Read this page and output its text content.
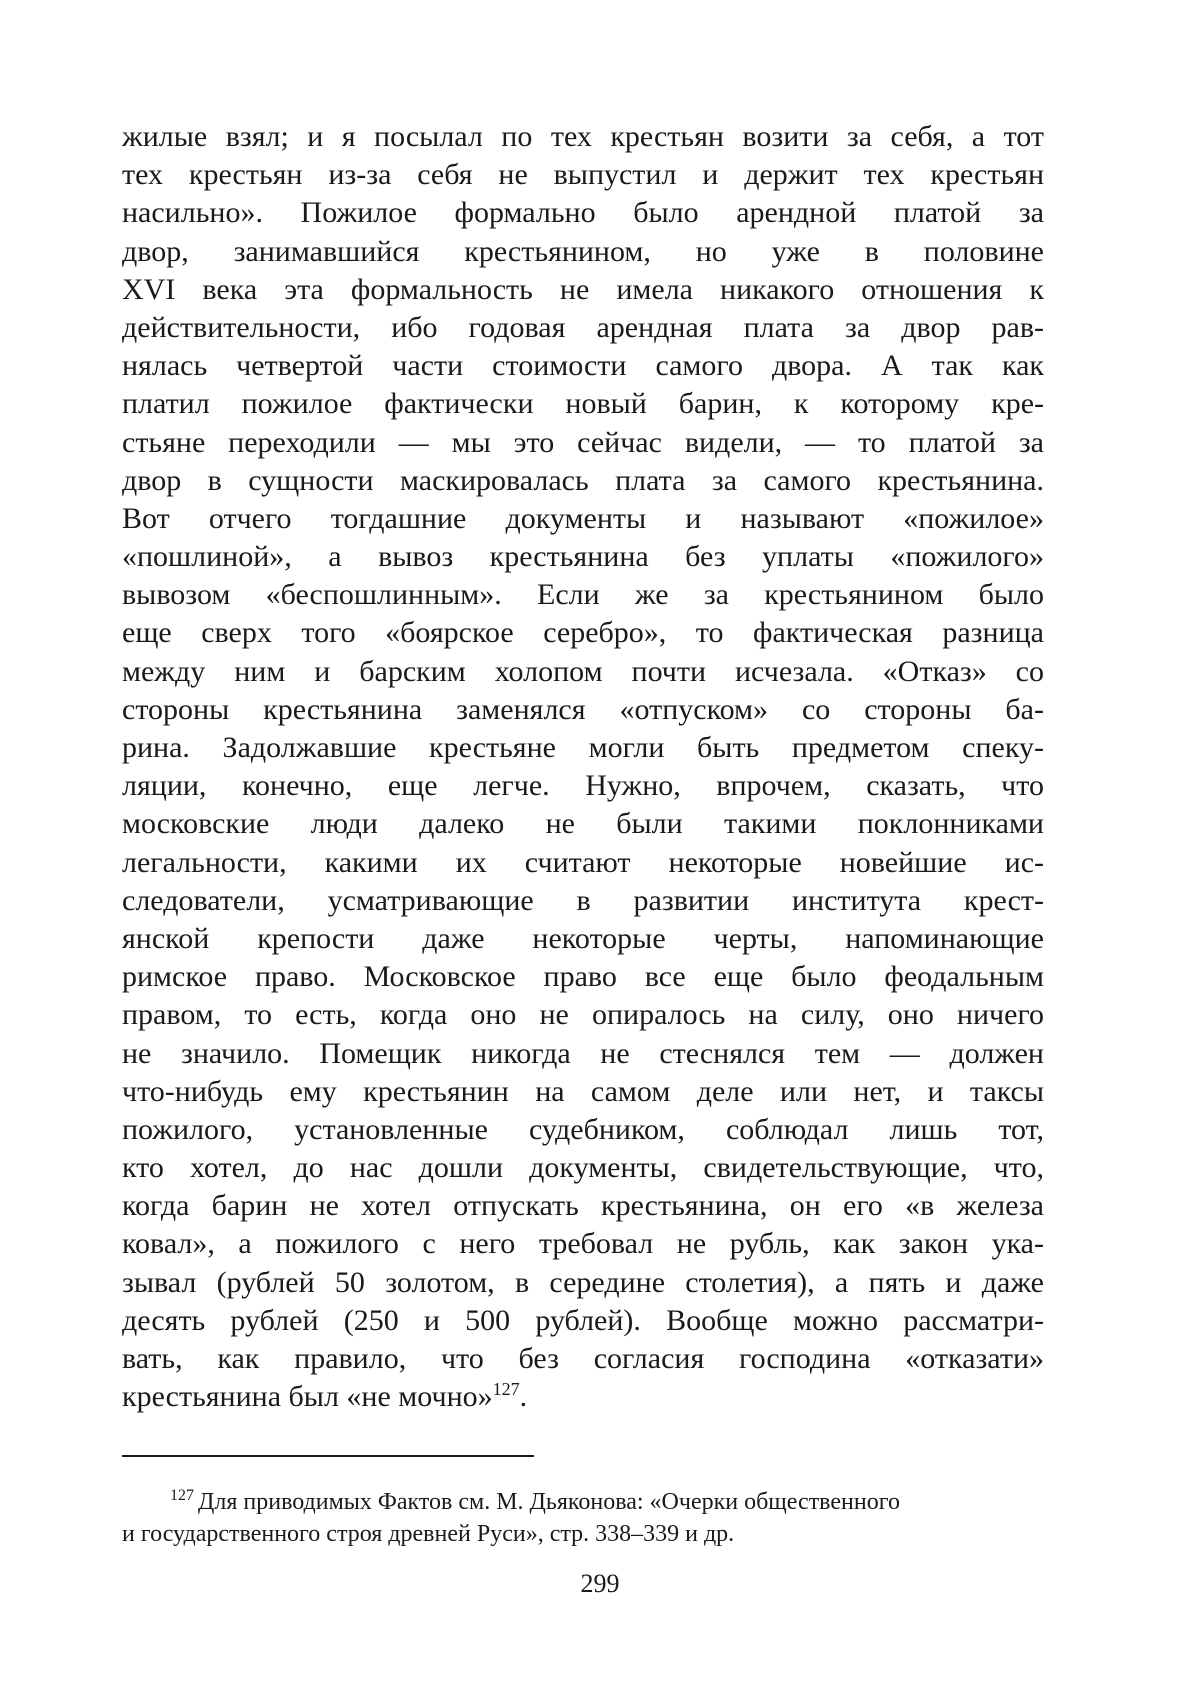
жилые взял; и я посылал по тех крестьян возити за себя, а тот
тех крестьян из-за себя не выпустил и держит тех крестьян
насильно». Пожилое формально было арендной платой за
двор, занимавшийся крестьянином, но уже в половине
XVI века эта формальность не имела никакого отношения к
действительности, ибо годовая арендная плата за двор рав-
нялась четвертой части стоимости самого двора. А так как
платил пожилое фактически новый барин, к которому кре-
стьяне переходили — мы это сейчас видели, — то платой за
двор в сущности маскировалась плата за самого крестьянина.
Вот отчего тогдашние документы и называют «пожилое»
«пошлиной», а вывоз крестьянина без уплаты «пожилого»
вывозом «беспошлинным». Если же за крестьянином было
еще сверх того «боярское серебро», то фактическая разница
между ним и барским холопом почти исчезала. «Отказ» со
стороны крестьянина заменялся «отпуском» со стороны ба-
рина. Задолжавшие крестьяне могли быть предметом спеку-
ляции, конечно, еще легче. Нужно, впрочем, сказать, что
московские люди далеко не были такими поклонниками
легальности, какими их считают некоторые новейшие ис-
следователи, усматривающие в развитии института крест-
янской крепости даже некоторые черты, напоминающие
римское право. Московское право все еще было феодальным
правом, то есть, когда оно не опиралось на силу, оно ничего
не значило. Помещик никогда не стеснялся тем — должен
что-нибудь ему крестьянин на самом деле или нет, и таксы
пожилого, установленные судебником, соблюдал лишь тот,
кто хотел, до нас дошли документы, свидетельствующие, что,
когда барин не хотел отпускать крестьянина, он его «в железа
ковал», а пожилого с него требовал не рубль, как закон ука-
зывал (рублей 50 золотом, в середине столетия), а пять и даже
десять рублей (250 и 500 рублей). Вообще можно рассматри-
вать, как правило, что без согласия господина «отказати»
крестьянина был «не мочно»$^{127}$.
$^{127}$ Для приводимых Фактов см. М. Дьяконова: «Очерки общественного
и государственного строя древней Руси», стр. 338–339 и др.
299
